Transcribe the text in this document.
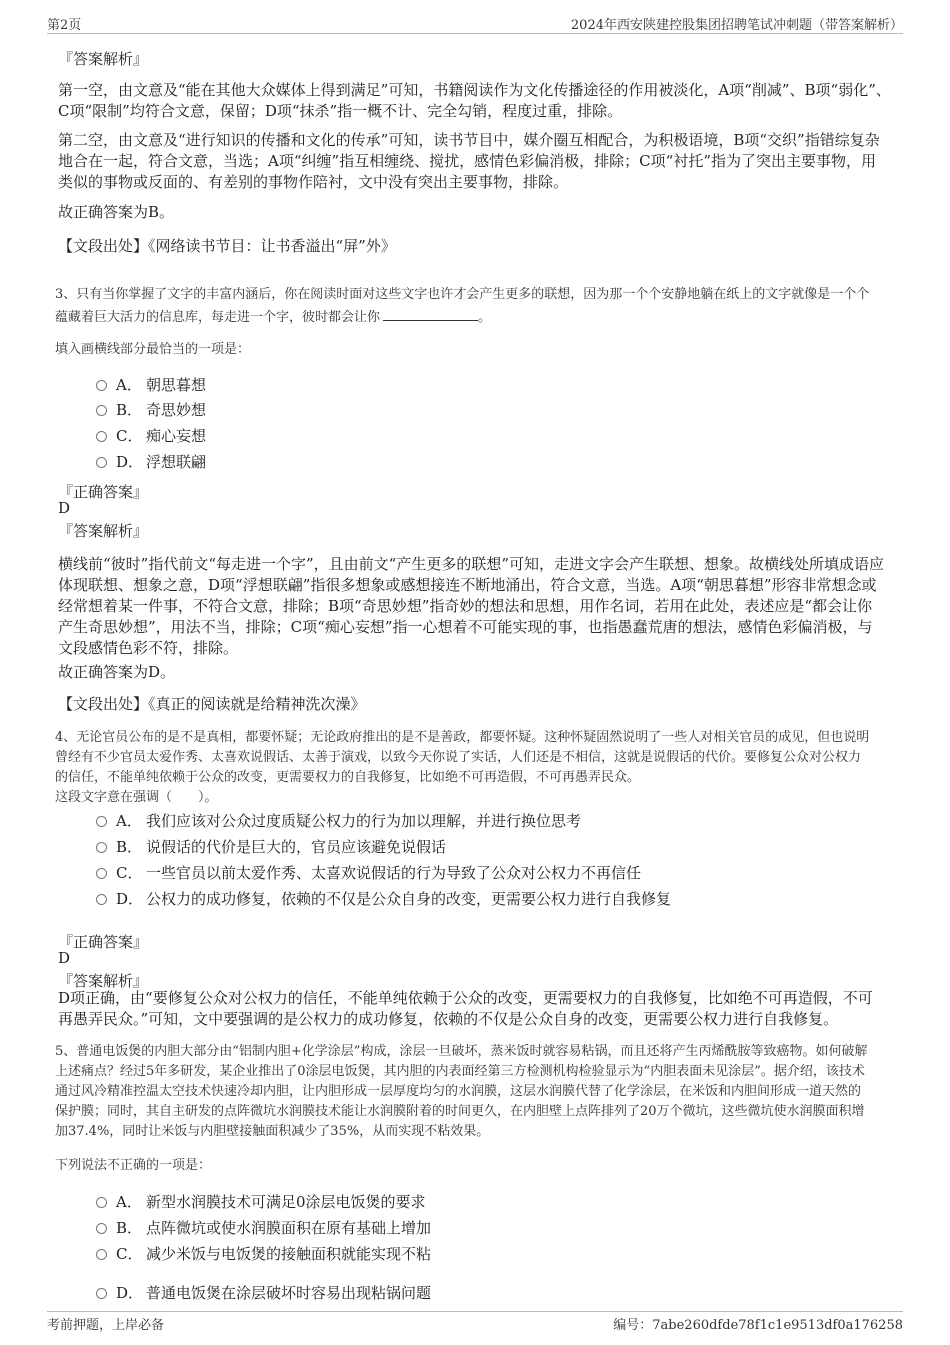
第2页	2024年西安陕建控股集团招聘笔试冲刺题（带答案解析）
『答案解析』

第一空，由文意及“能在其他大众媒体上得到满足”可知，书籍阅读作为文化传播途径的作用被淡化，A项“削减”、B项“弱化”、

C项“限制”均符合文意，保留；D项“抹杀”指一概不计、完全勾销，程度过重，排除。

第二空，由文意及“进行知识的传播和文化的传承”可知，读书节目中，媒介圈互相配合，为积极语境，B项“交织”指错综复杂

地合在一起，符合文意，当选；A项“纠缠”指互相缠绕、搅扰，感情色彩偏消极，排除；C项“衬托”指为了突出主要事物，用

类似的事物或反面的、有差别的事物作陪衬，文中没有突出主要事物，排除。

故正确答案为B。

【文段出处】《网络读书节目：让书香溢出“屏”外》

3、只有当你掌握了文字的丰富内涵后，你在阅读时面对这些文字也许才会产生更多的联想，因为那一个个安静地躺在纸上的文字就像是一个个

蕴藏着巨大活力的信息库，每走进一个字，彼时都会让你	。

填入画横线部分最恰当的一项是：

A． 朝思暮想
B． 奇思妙想
C． 痴心妄想
D． 浮想联翩
『正确答案』
D
『答案解析』

横线前“彼时”指代前文“每走进一个字”，且由前文“产生更多的联想”可知，走进文字会产生联想、想象。故横线处所填成语应

体现联想、想象之意，D项“浮想联翩”指很多想象或感想接连不断地涌出，符合文意，当选。A项“朝思暮想”形容非常想念或

经常想着某一件事，不符合文意，排除；B项“奇思妙想”指奇妙的想法和思想，用作名词，若用在此处，表述应是“都会让你

产生奇思妙想”，用法不当，排除；C项“痴心妄想”指一心想着不可能实现的事，也指愚蠢荒唐的想法，感情色彩偏消极，与

文段感情色彩不符，排除。

故正确答案为D。

【文段出处】《真正的阅读就是给精神洗次澡》

4、无论官员公布的是不是真相，都要怀疑；无论政府推出的是不是善政，都要怀疑。这种怀疑固然说明了一些人对相关官员的成见，但也说明

曾经有不少官员太爱作秀、太喜欢说假话、太善于演戏，以致今天你说了实话，人们还是不相信，这就是说假话的代价。要修复公众对公权力

的信任，不能单纯依赖于公众的改变，更需要权力的自我修复，比如绝不可再造假，不可再愚弄民众。

这段文字意在强调（　　）。

A． 我们应该对公众过度质疑公权力的行为加以理解，并进行换位思考
B． 说假话的代价是巨大的，官员应该避免说假话
C． 一些官员以前太爱作秀、太喜欢说假话的行为导致了公众对公权力不再信任
D． 公权力的成功修复，依赖的不仅是公众自身的改变，更需要公权力进行自我修复
『正确答案』
D
『答案解析』

D项正确，由“要修复公众对公权力的信任，不能单纯依赖于公众的改变，更需要权力的自我修复，比如绝不可再造假，不可

再愚弄民众。”可知，文中要强调的是公权力的成功修复，依赖的不仅是公众自身的改变，更需要公权力进行自我修复。

5、普通电饭煲的内胆大部分由“铝制内胆+化学涂层”构成，涂层一旦破坏，蒸米饭时就容易粘锅，而且还将产生丙烯酰胺等致癌物。如何破解

上述痛点？经过5年多研发，某企业推出了0涂层电饭煲，其内胆的内表面经第三方检测机构检验显示为“内胆表面未见涂层”。据介绍，该技术

通过风冷精准控温太空技术快速冷却内胆，让内胆形成一层厚度均匀的水润膜，这层水润膜代替了化学涂层，在米饭和内胆间形成一道天然的

保护膜；同时，其自主研发的点阵微坑水润膜技术能让水润膜附着的时间更久，在内胆壁上点阵排列了20万个微坑，这些微坑使水润膜面积增

加37.4%，同时让米饭与内胆壁接触面积减少了35%，从而实现不粘效果。

下列说法不正确的一项是：

A． 新型水润膜技术可满足0涂层电饭煲的要求
B． 点阵微坑或使水润膜面积在原有基础上增加
C． 减少米饭与电饭煲的接触面积就能实现不粘
D． 普通电饭煲在涂层破坏时容易出现粘锅问题
考前押题，上岸必备	编号：7abe260dfde78f1c1e9513df0a176258
